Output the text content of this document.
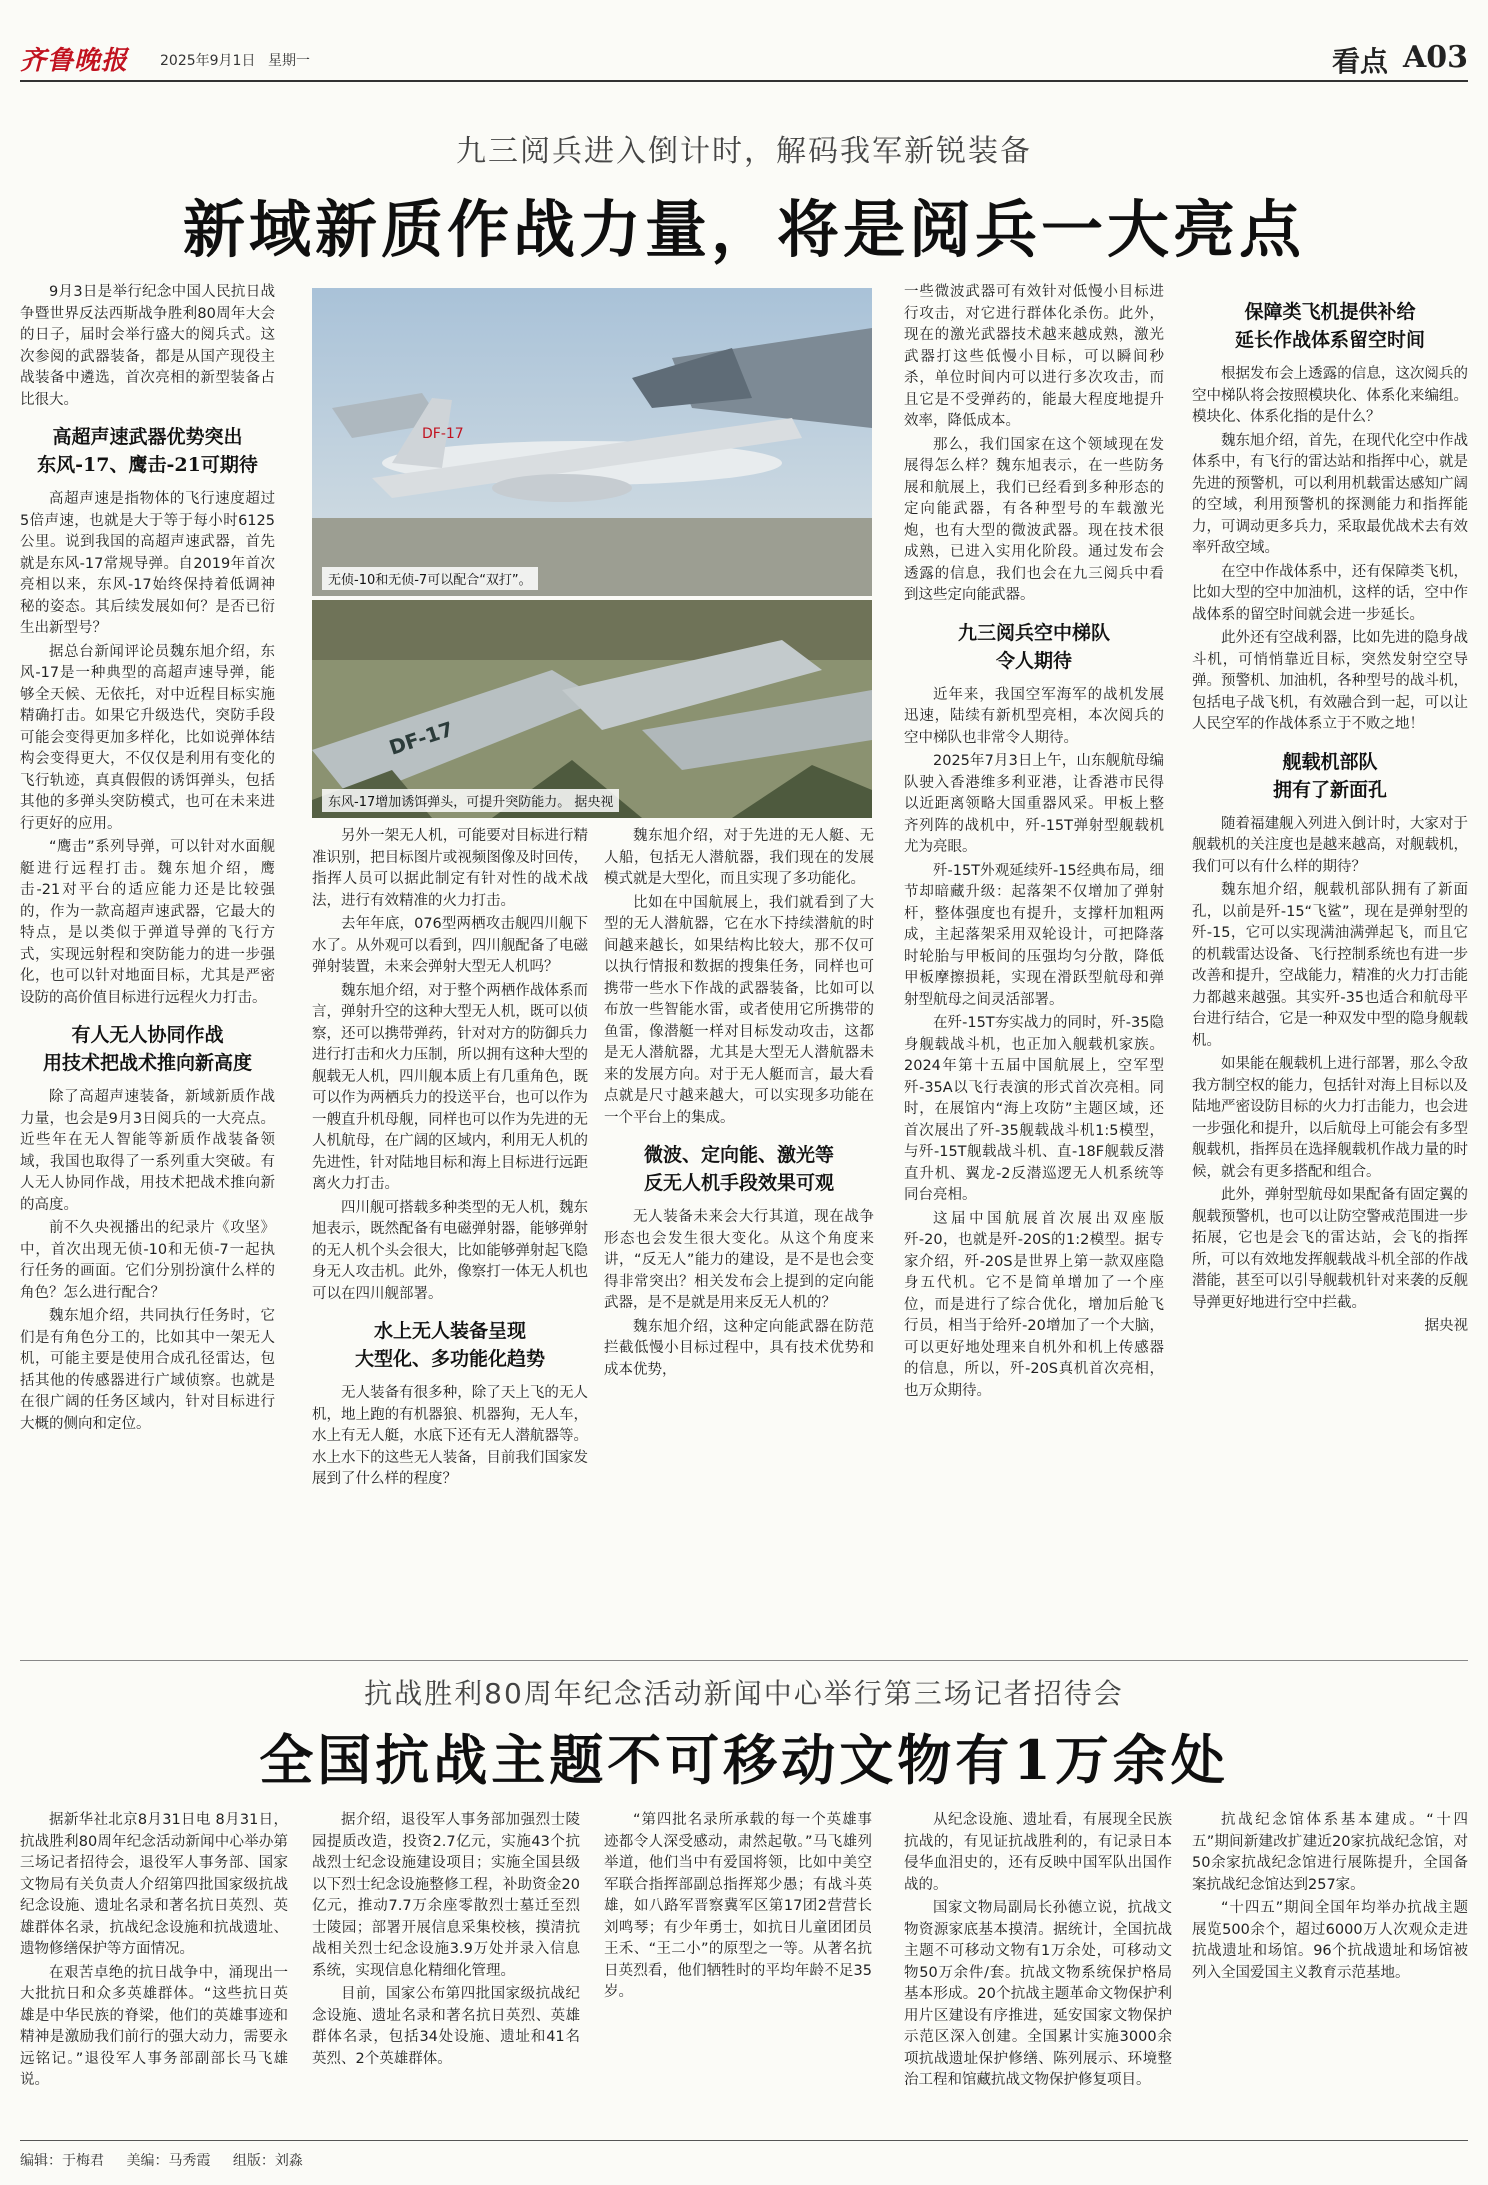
齐鲁晚报 2025年9月1日 星期一	看点 A03
九三阅兵进入倒计时，解码我军新锐装备
新域新质作战力量，将是阅兵一大亮点

9月3日是举行纪念中国人民抗日战争暨世界反法西斯战争胜利80周年大会的日子，届时会举行盛大的阅兵式。这次参阅的武器装备，都是从国产现役主战装备中遴选，首次亮相的新型装备占比很大。

高超声速武器优势突出
东风-17、鹰击-21可期待

高超声速是指物体的飞行速度超过5倍声速，也就是大于等于每小时6125公里。说到我国的高超声速武器，首先就是东风-17常规导弹。自2019年首次亮相以来，东风-17始终保持着低调神秘的姿态。其后续发展如何？是否已衍生出新型号？

据总台新闻评论员魏东旭介绍，东风-17是一种典型的高超声速导弹，能够全天候、无依托，对中近程目标实施精确打击。如果它升级迭代，突防手段可能会变得更加多样化，比如说弹体结构会变得更大，不仅仅是利用有变化的飞行轨迹，真真假假的诱饵弹头，包括其他的多弹头突防模式，也可在未来进行更好的应用。

“鹰击”系列导弹，可以针对水面舰艇进行远程打击。魏东旭介绍，鹰击-21对平台的适应能力还是比较强的，作为一款高超声速武器，它最大的特点，是以类似于弹道导弹的飞行方式，实现远射程和突防能力的进一步强化，也可以针对地面目标，尤其是严密设防的高价值目标进行远程火力打击。

有人无人协同作战
用技术把战术推向新高度

除了高超声速装备，新域新质作战力量，也会是9月3日阅兵的一大亮点。近些年在无人智能等新质作战装备领域，我国也取得了一系列重大突破。有人无人协同作战，用技术把战术推向新的高度。

前不久央视播出的纪录片《攻坚》中，首次出现无侦-10和无侦-7一起执行任务的画面。它们分别扮演什么样的角色？怎么进行配合？

魏东旭介绍，共同执行任务时，它们是有角色分工的，比如其中一架无人机，可能主要是使用合成孔径雷达，包括其他的传感器进行广域侦察。也就是在很广阔的任务区域内，针对目标进行大概的侧向和定位。

DF-17
无侦-10和无侦-7可以配合“双打”。
DF-17
东风-17增加诱饵弹头，可提升突防能力。 据央视

另外一架无人机，可能要对目标进行精准识别，把目标图片或视频图像及时回传，指挥人员可以据此制定有针对性的战术战法，进行有效精准的火力打击。

去年年底，076型两栖攻击舰四川舰下水了。从外观可以看到，四川舰配备了电磁弹射装置，未来会弹射大型无人机吗？

魏东旭介绍，对于整个两栖作战体系而言，弹射升空的这种大型无人机，既可以侦察，还可以携带弹药，针对对方的防御兵力进行打击和火力压制，所以拥有这种大型的舰载无人机，四川舰本质上有几重角色，既可以作为两栖兵力的投送平台，也可以作为一艘直升机母舰，同样也可以作为先进的无人机航母，在广阔的区域内，利用无人机的先进性，针对陆地目标和海上目标进行远距离火力打击。

四川舰可搭载多种类型的无人机，魏东旭表示，既然配备有电磁弹射器，能够弹射的无人机个头会很大，比如能够弹射起飞隐身无人攻击机。此外，像察打一体无人机也可以在四川舰部署。

水上无人装备呈现
大型化、多功能化趋势

无人装备有很多种，除了天上飞的无人机，地上跑的有机器狼、机器狗，无人车，水上有无人艇，水底下还有无人潜航器等。水上水下的这些无人装备，目前我们国家发展到了什么样的程度？

魏东旭介绍，对于先进的无人艇、无人船，包括无人潜航器，我们现在的发展模式就是大型化，而且实现了多功能化。

比如在中国航展上，我们就看到了大型的无人潜航器，它在水下持续潜航的时间越来越长，如果结构比较大，那不仅可以执行情报和数据的搜集任务，同样也可携带一些水下作战的武器装备，比如可以布放一些智能水雷，或者使用它所携带的鱼雷，像潜艇一样对目标发动攻击，这都是无人潜航器，尤其是大型无人潜航器未来的发展方向。对于无人艇而言，最大看点就是尺寸越来越大，可以实现多功能在一个平台上的集成。

微波、定向能、激光等
反无人机手段效果可观

无人装备未来会大行其道，现在战争形态也会发生很大变化。从这个角度来讲，“反无人”能力的建设，是不是也会变得非常突出？相关发布会上提到的定向能武器，是不是就是用来反无人机的？

魏东旭介绍，这种定向能武器在防范拦截低慢小目标过程中，具有技术优势和成本优势，

一些微波武器可有效针对低慢小目标进行攻击，对它进行群体化杀伤。此外，现在的激光武器技术越来越成熟，激光武器打这些低慢小目标，可以瞬间秒杀，单位时间内可以进行多次攻击，而且它是不受弹药的，能最大程度地提升效率，降低成本。

那么，我们国家在这个领域现在发展得怎么样？魏东旭表示，在一些防务展和航展上，我们已经看到多种形态的定向能武器，有各种型号的车载激光炮，也有大型的微波武器。现在技术很成熟，已进入实用化阶段。通过发布会透露的信息，我们也会在九三阅兵中看到这些定向能武器。

九三阅兵空中梯队
令人期待

近年来，我国空军海军的战机发展迅速，陆续有新机型亮相，本次阅兵的空中梯队也非常令人期待。

2025年7月3日上午，山东舰航母编队驶入香港维多利亚港，让香港市民得以近距离领略大国重器风采。甲板上整齐列阵的战机中，歼-15T弹射型舰载机尤为亮眼。

歼-15T外观延续歼-15经典布局，细节却暗藏升级：起落架不仅增加了弹射杆，整体强度也有提升，支撑杆加粗两成，主起落架采用双轮设计，可把降落时轮胎与甲板间的压强均匀分散，降低甲板摩擦损耗，实现在滑跃型航母和弹射型航母之间灵活部署。

在歼-15T夯实战力的同时，歼-35隐身舰载战斗机，也正加入舰载机家族。2024年第十五届中国航展上，空军型歼-35A以飞行表演的形式首次亮相。同时，在展馆内“海上攻防”主题区域，还首次展出了歼-35舰载战斗机1:5模型，与歼-15T舰载战斗机、直-18F舰载反潜直升机、翼龙-2反潜巡逻无人机系统等同台亮相。

这届中国航展首次展出双座版歼-20，也就是歼-20S的1:2模型。据专家介绍，歼-20S是世界上第一款双座隐身五代机。它不是简单增加了一个座位，而是进行了综合优化，增加后舱飞行员，相当于给歼-20增加了一个大脑，可以更好地处理来自机外和机上传感器的信息，所以，歼-20S真机首次亮相，也万众期待。

保障类飞机提供补给
延长作战体系留空时间

根据发布会上透露的信息，这次阅兵的空中梯队将会按照模块化、体系化来编组。模块化、体系化指的是什么？

魏东旭介绍，首先，在现代化空中作战体系中，有飞行的雷达站和指挥中心，就是先进的预警机，可以利用机载雷达感知广阔的空域，利用预警机的探测能力和指挥能力，可调动更多兵力，采取最优战术去有效率歼敌空域。

在空中作战体系中，还有保障类飞机，比如大型的空中加油机，这样的话，空中作战体系的留空时间就会进一步延长。

此外还有空战利器，比如先进的隐身战斗机，可悄悄靠近目标，突然发射空空导弹。预警机、加油机，各种型号的战斗机，包括电子战飞机，有效融合到一起，可以让人民空军的作战体系立于不败之地！

舰载机部队
拥有了新面孔

随着福建舰入列进入倒计时，大家对于舰载机的关注度也是越来越高，对舰载机，我们可以有什么样的期待？

魏东旭介绍，舰载机部队拥有了新面孔，以前是歼-15“飞鲨”，现在是弹射型的歼-15，它可以实现满油满弹起飞，而且它的机载雷达设备、飞行控制系统也有进一步改善和提升，空战能力，精准的火力打击能力都越来越强。其实歼-35也适合和航母平台进行结合，它是一种双发中型的隐身舰载机。

如果能在舰载机上进行部署，那么令敌我方制空权的能力，包括针对海上目标以及陆地严密设防目标的火力打击能力，也会进一步强化和提升，以后航母上可能会有多型舰载机，指挥员在选择舰载机作战力量的时候，就会有更多搭配和组合。

此外，弹射型航母如果配备有固定翼的舰载预警机，也可以让防空警戒范围进一步拓展，它也是会飞的雷达站，会飞的指挥所，可以有效地发挥舰载战斗机全部的作战潜能，甚至可以引导舰载机针对来袭的反舰导弹更好地进行空中拦截。

据央视
抗战胜利80周年纪念活动新闻中心举行第三场记者招待会
全国抗战主题不可移动文物有1万余处

据新华社北京8月31日电 8月31日，抗战胜利80周年纪念活动新闻中心举办第三场记者招待会，退役军人事务部、国家文物局有关负责人介绍第四批国家级抗战纪念设施、遗址名录和著名抗日英烈、英雄群体名录，抗战纪念设施和抗战遗址、遗物修缮保护等方面情况。

在艰苦卓绝的抗日战争中，涌现出一大批抗日和众多英雄群体。“这些抗日英雄是中华民族的脊梁，他们的英雄事迹和精神是激励我们前行的强大动力，需要永远铭记。”退役军人事务部副部长马飞雄说。

据介绍，退役军人事务部加强烈士陵园提质改造，投资2.7亿元，实施43个抗战烈士纪念设施建设项目；实施全国县级以下烈士纪念设施整修工程，补助资金20亿元，推动7.7万余座零散烈士墓迁至烈士陵园；部署开展信息采集校核，摸清抗战相关烈士纪念设施3.9万处并录入信息系统，实现信息化精细化管理。

目前，国家公布第四批国家级抗战纪念设施、遗址名录和著名抗日英烈、英雄群体名录，包括34处设施、遗址和41名英烈、2个英雄群体。

“第四批名录所承载的每一个英雄事迹都令人深受感动，肃然起敬。”马飞雄列举道，他们当中有爱国将领，比如中美空军联合指挥部副总指挥郑少愚；有战斗英雄，如八路军晋察冀军区第17团2营营长刘鸣琴；有少年勇士，如抗日儿童团团员王禾、“王二小”的原型之一等。从著名抗日英烈看，他们牺牲时的平均年龄不足35岁。

从纪念设施、遗址看，有展现全民族抗战的，有见证抗战胜利的，有记录日本侵华血泪史的，还有反映中国军队出国作战的。

国家文物局副局长孙德立说，抗战文物资源家底基本摸清。据统计，全国抗战主题不可移动文物有1万余处，可移动文物50万余件/套。抗战文物系统保护格局基本形成。20个抗战主题革命文物保护利用片区建设有序推进，延安国家文物保护示范区深入创建。全国累计实施3000余项抗战遗址保护修缮、陈列展示、环境整治工程和馆藏抗战文物保护修复项目。

抗战纪念馆体系基本建成。“十四五”期间新建改扩建近20家抗战纪念馆，对50余家抗战纪念馆进行展陈提升，全国备案抗战纪念馆达到257家。

“十四五”期间全国年均举办抗战主题展览500余个，超过6000万人次观众走进抗战遗址和场馆。96个抗战遗址和场馆被列入全国爱国主义教育示范基地。

编辑：于梅君 美编：马秀霞 组版：刘淼
